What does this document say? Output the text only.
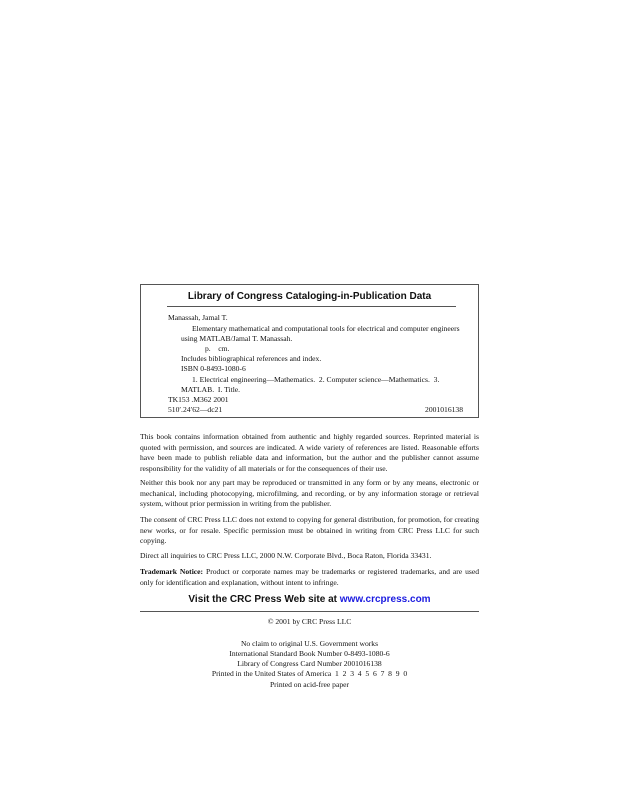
Library of Congress Cataloging-in-Publication Data
Manassah, Jamal T.
Elementary mathematical and computational tools for electrical and computer engineers
using MATLAB/Jamal T. Manassah.
p.    cm.
Includes bibliographical references and index.
ISBN 0-8493-1080-6
1. Electrical engineering—Mathematics.  2. Computer science—Mathematics.  3.
MATLAB.  I. Title.
TK153 .M362 2001
510′.24′62—dc21	2001016138
This book contains information obtained from authentic and highly regarded sources. Reprinted material is quoted with permission, and sources are indicated. A wide variety of references are listed. Reasonable efforts have been made to publish reliable data and information, but the author and the publisher cannot assume responsibility for the validity of all materials or for the consequences of their use.
Neither this book nor any part may be reproduced or transmitted in any form or by any means, electronic or mechanical, including photocopying, microfilming, and recording, or by any information storage or retrieval system, without prior permission in writing from the publisher.
The consent of CRC Press LLC does not extend to copying for general distribution, for promotion, for creating new works, or for resale. Specific permission must be obtained in writing from CRC Press LLC for such copying.
Direct all inquiries to CRC Press LLC, 2000 N.W. Corporate Blvd., Boca Raton, Florida 33431.
Trademark Notice: Product or corporate names may be trademarks or registered trademarks, and are used only for identification and explanation, without intent to infringe.
Visit the CRC Press Web site at www.crcpress.com
© 2001 by CRC Press LLC
No claim to original U.S. Government works
International Standard Book Number 0-8493-1080-6
Library of Congress Card Number 2001016138
Printed in the United States of America  1  2  3  4  5  6  7  8  9  0
Printed on acid-free paper
